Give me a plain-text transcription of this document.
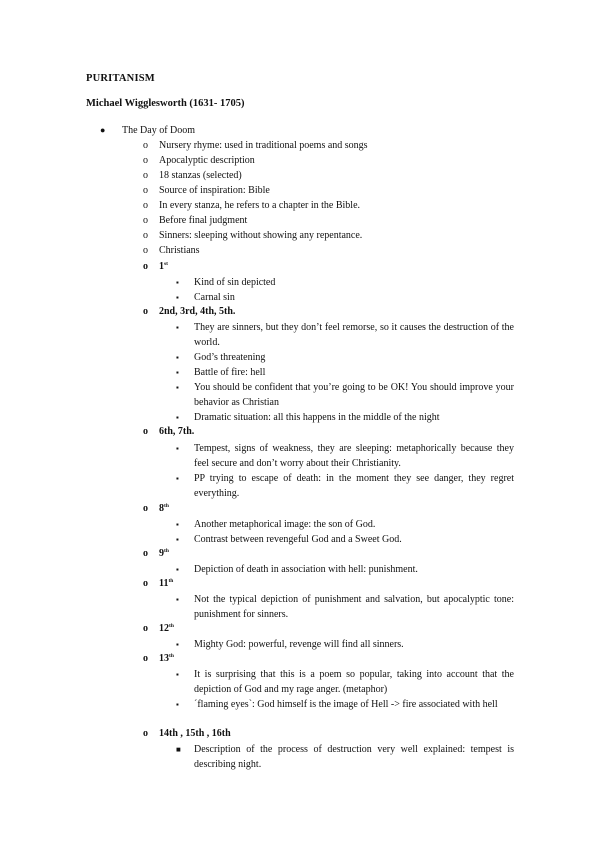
PURITANISM
Michael Wigglesworth (1631- 1705)
● The Day of Doom
o Nursery rhyme: used in traditional poems and songs
o Apocalyptic description
o 18 stanzas (selected)
o Source of inspiration: Bible
o In every stanza, he refers to a chapter in the Bible.
o Before final judgment
o Sinners: sleeping without showing any repentance.
o Christians
o 1st
▪ Kind of sin depicted
▪ Carnal sin
o 2nd, 3rd, 4th, 5th.
▪ They are sinners, but they don’t feel remorse, so it causes the destruction of the world.
▪ God’s threatening
▪ Battle of fire: hell
▪ You should be confident that you’re going to be OK! You should improve your behavior as Christian
▪ Dramatic situation: all this happens in the middle of the night
o 6th, 7th.
▪ Tempest, signs of weakness, they are sleeping: metaphorically because they feel secure and don’t worry about their Christianity.
▪ PP trying to escape of death: in the moment they see danger, they regret everything.
o 8th
▪ Another metaphorical image: the son of God.
▪ Contrast between revengeful God and a Sweet God.
o 9th
▪ Depiction of death in association with hell: punishment.
o 11th
▪ Not the typical depiction of punishment and salvation, but apocalyptic tone: punishment for sinners.
o 12th
▪ Mighty God: powerful, revenge will find all sinners.
o 13th
▪ It is surprising that this is a poem so popular, taking into account that the depiction of God and my rage anger. (metaphor)
▪ ´flaming eyes`: God himself is the image of Hell -> fire associated with hell
o 14th , 15th , 16th
■ Description of the process of destruction very well explained: tempest is describing night.
